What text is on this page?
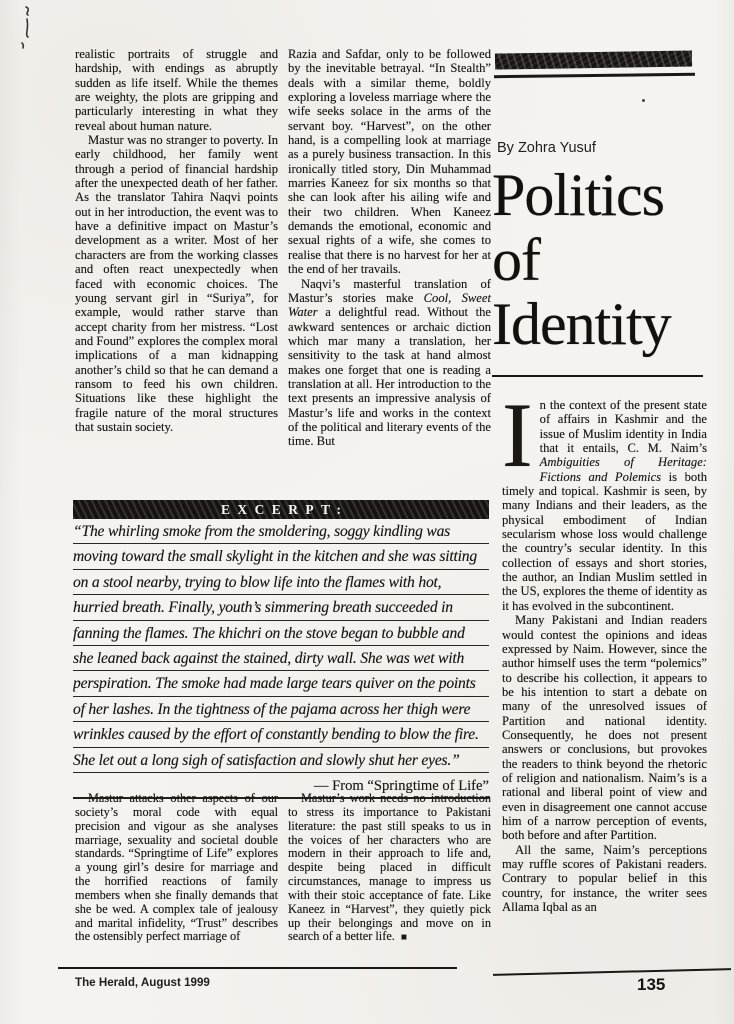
realistic portraits of struggle and hardship, with endings as abruptly sudden as life itself. While the themes are weighty, the plots are gripping and particularly interesting in what they reveal about human nature.

Mastur was no stranger to poverty. In early childhood, her family went through a period of financial hardship after the unexpected death of her father. As the translator Tahira Naqvi points out in her introduction, the event was to have a definitive impact on Mastur’s development as a writer. Most of her characters are from the working classes and often react unexpectedly when faced with economic choices. The young servant girl in “Suriya”, for example, would rather starve than accept charity from her mistress. “Lost and Found” explores the complex moral implications of a man kidnapping another’s child so that he can demand a ransom to feed his own children. Situations like these highlight the fragile nature of the moral structures that sustain society.

Razia and Safdar, only to be followed by the inevitable betrayal. “In Stealth” deals with a similar theme, boldly exploring a loveless marriage where the wife seeks solace in the arms of the servant boy. “Harvest”, on the other hand, is a compelling look at marriage as a purely business transaction. In this ironically titled story, Din Muhammad marries Kaneez for six months so that she can look after his ailing wife and their two children. When Kaneez demands the emotional, economic and sexual rights of a wife, she comes to realise that there is no harvest for her at the end of her travails.

Naqvi’s masterful translation of Mastur’s stories make Cool, Sweet Water a delightful read. Without the awkward sentences or archaic diction which mar many a translation, her sensitivity to the task at hand almost makes one forget that one is reading a translation at all. Her introduction to the text presents an impressive analysis of Mastur’s life and works in the context of the political and literary events of the time. But

By Zohra Yusuf
Politics
of
Identity

In the context of the present state of affairs in Kashmir and the issue of Muslim identity in India that it entails, C. M. Naim’s Ambiguities of Heritage: Fictions and Polemics is both timely and topical. Kashmir is seen, by many Indians and their leaders, as the physical embodiment of Indian secularism whose loss would challenge the country’s secular identity. In this collection of essays and short stories, the author, an Indian Muslim settled in the US, explores the theme of identity as it has evolved in the subcontinent.

Many Pakistani and Indian readers would contest the opinions and ideas expressed by Naim. However, since the author himself uses the term “polemics” to describe his collection, it appears to be his intention to start a debate on many of the unresolved issues of Partition and national identity. Consequently, he does not present answers or conclusions, but provokes the readers to think beyond the rhetoric of religion and nationalism. Naim’s is a rational and liberal point of view and even in disagreement one cannot accuse him of a narrow perception of events, both before and after Partition.

All the same, Naim’s perceptions may ruffle scores of Pakistani readers. Contrary to popular belief in this country, for instance, the writer sees Allama Iqbal as an

EXCERPT:
“The whirling smoke from the smoldering, soggy kindling was
moving toward the small skylight in the kitchen and she was sitting
on a stool nearby, trying to blow life into the flames with hot,
hurried breath. Finally, youth’s simmering breath succeeded in
fanning the flames. The khichri on the stove began to bubble and
she leaned back against the stained, dirty wall. She was wet with
perspiration. The smoke had made large tears quiver on the points
of her lashes. In the tightness of the pajama across her thigh were
wrinkles caused by the effort of constantly bending to blow the fire.
She let out a long sigh of satisfaction and slowly shut her eyes.”
— From “Springtime of Life”

Mastur attacks other aspects of our society’s moral code with equal precision and vigour as she analyses marriage, sexuality and societal double standards. “Springtime of Life” explores a young girl’s desire for marriage and the horrified reactions of family members when she finally demands that she be wed. A complex tale of jealousy and marital infidelity, “Trust” describes the ostensibly perfect marriage of

Mastur’s work needs no introduction to stress its importance to Pakistani literature: the past still speaks to us in the voices of her characters who are modern in their approach to life and, despite being placed in difficult circumstances, manage to impress us with their stoic acceptance of fate. Like Kaneez in “Harvest”, they quietly pick up their belongings and move on in search of a better life. ■

The Herald, August 1999	135
